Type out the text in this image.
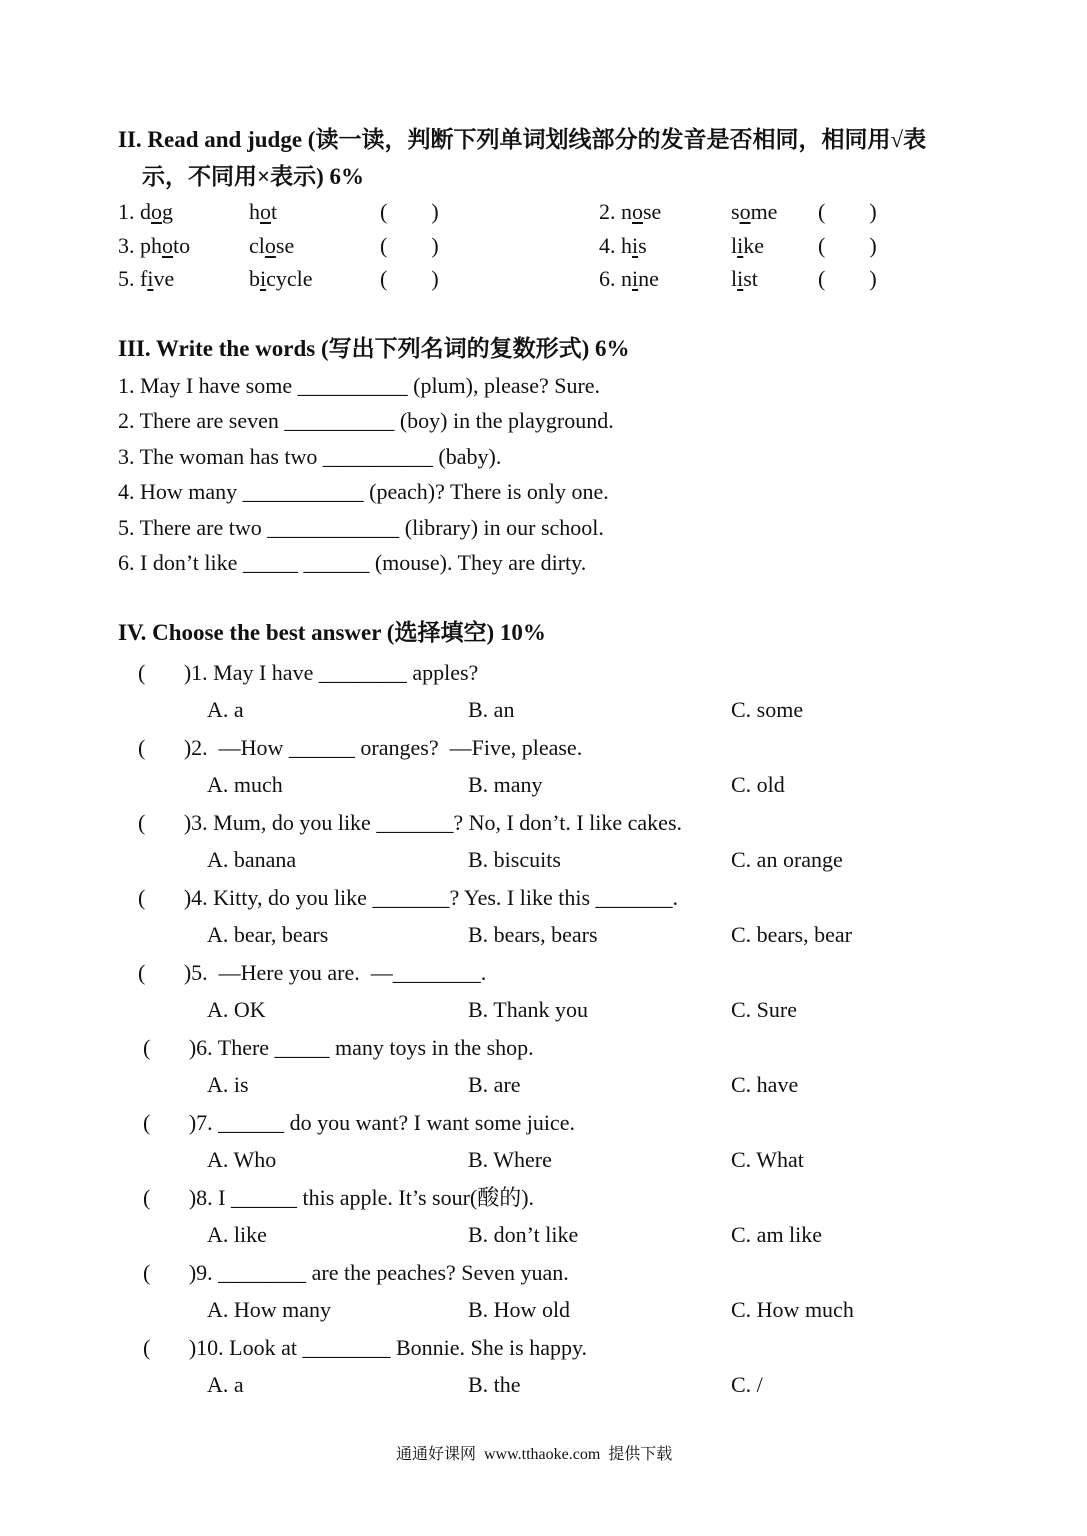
II. Read and judge (读一读，判断下列单词划线部分的发音是否相同，相同用√表
示，不同用×表示) 6%
1. dog	hot	(        )	2. nose	some (        )
3. photo	close	(        )	4. his	like (        )
5. five	bicycle	(        )	6. nine	list	(        )
III. Write the words (写出下列名词的复数形式) 6%
1. May I have some __________ (plum), please? Sure.
2. There are seven __________ (boy) in the playground.
3. The woman has two __________ (baby).
4. How many ___________ (peach)? There is only one.
5. There are two ____________ (library) in our school.
6. I don’t like _____ ______ (mouse). They are dirty.
IV. Choose the best answer (选择填空) 10%
(       )1. May I have ________ apples?
A. a	B. an	C. some
(       )2.  —How ______ oranges?  —Five, please.
A. much	B. many	C. old
(       )3. Mum, do you like _______? No, I don’t. I like cakes.
A. banana	B. biscuits	C. an orange
(       )4. Kitty, do you like _______? Yes. I like this _______.
A. bear, bears	B. bears, bears	C. bears, bear
(       )5.  —Here you are.  —________.
A. OK	B. Thank you	C. Sure
(       )6. There _____ many toys in the shop.
A. is	B. are	C. have
(       )7. ______ do you want? I want some juice.
A. Who	B. Where	C. What
(       )8. I ______ this apple. It’s sour(酸的).
A. like	B. don’t like	C. am like
(       )9. ________ are the peaches? Seven yuan.
A. How many	B. How old	C. How much
(       )10. Look at ________ Bonnie. She is happy.
A. a	B. the	C. /
通通好课网  www.tthaoke.com  提供下载
